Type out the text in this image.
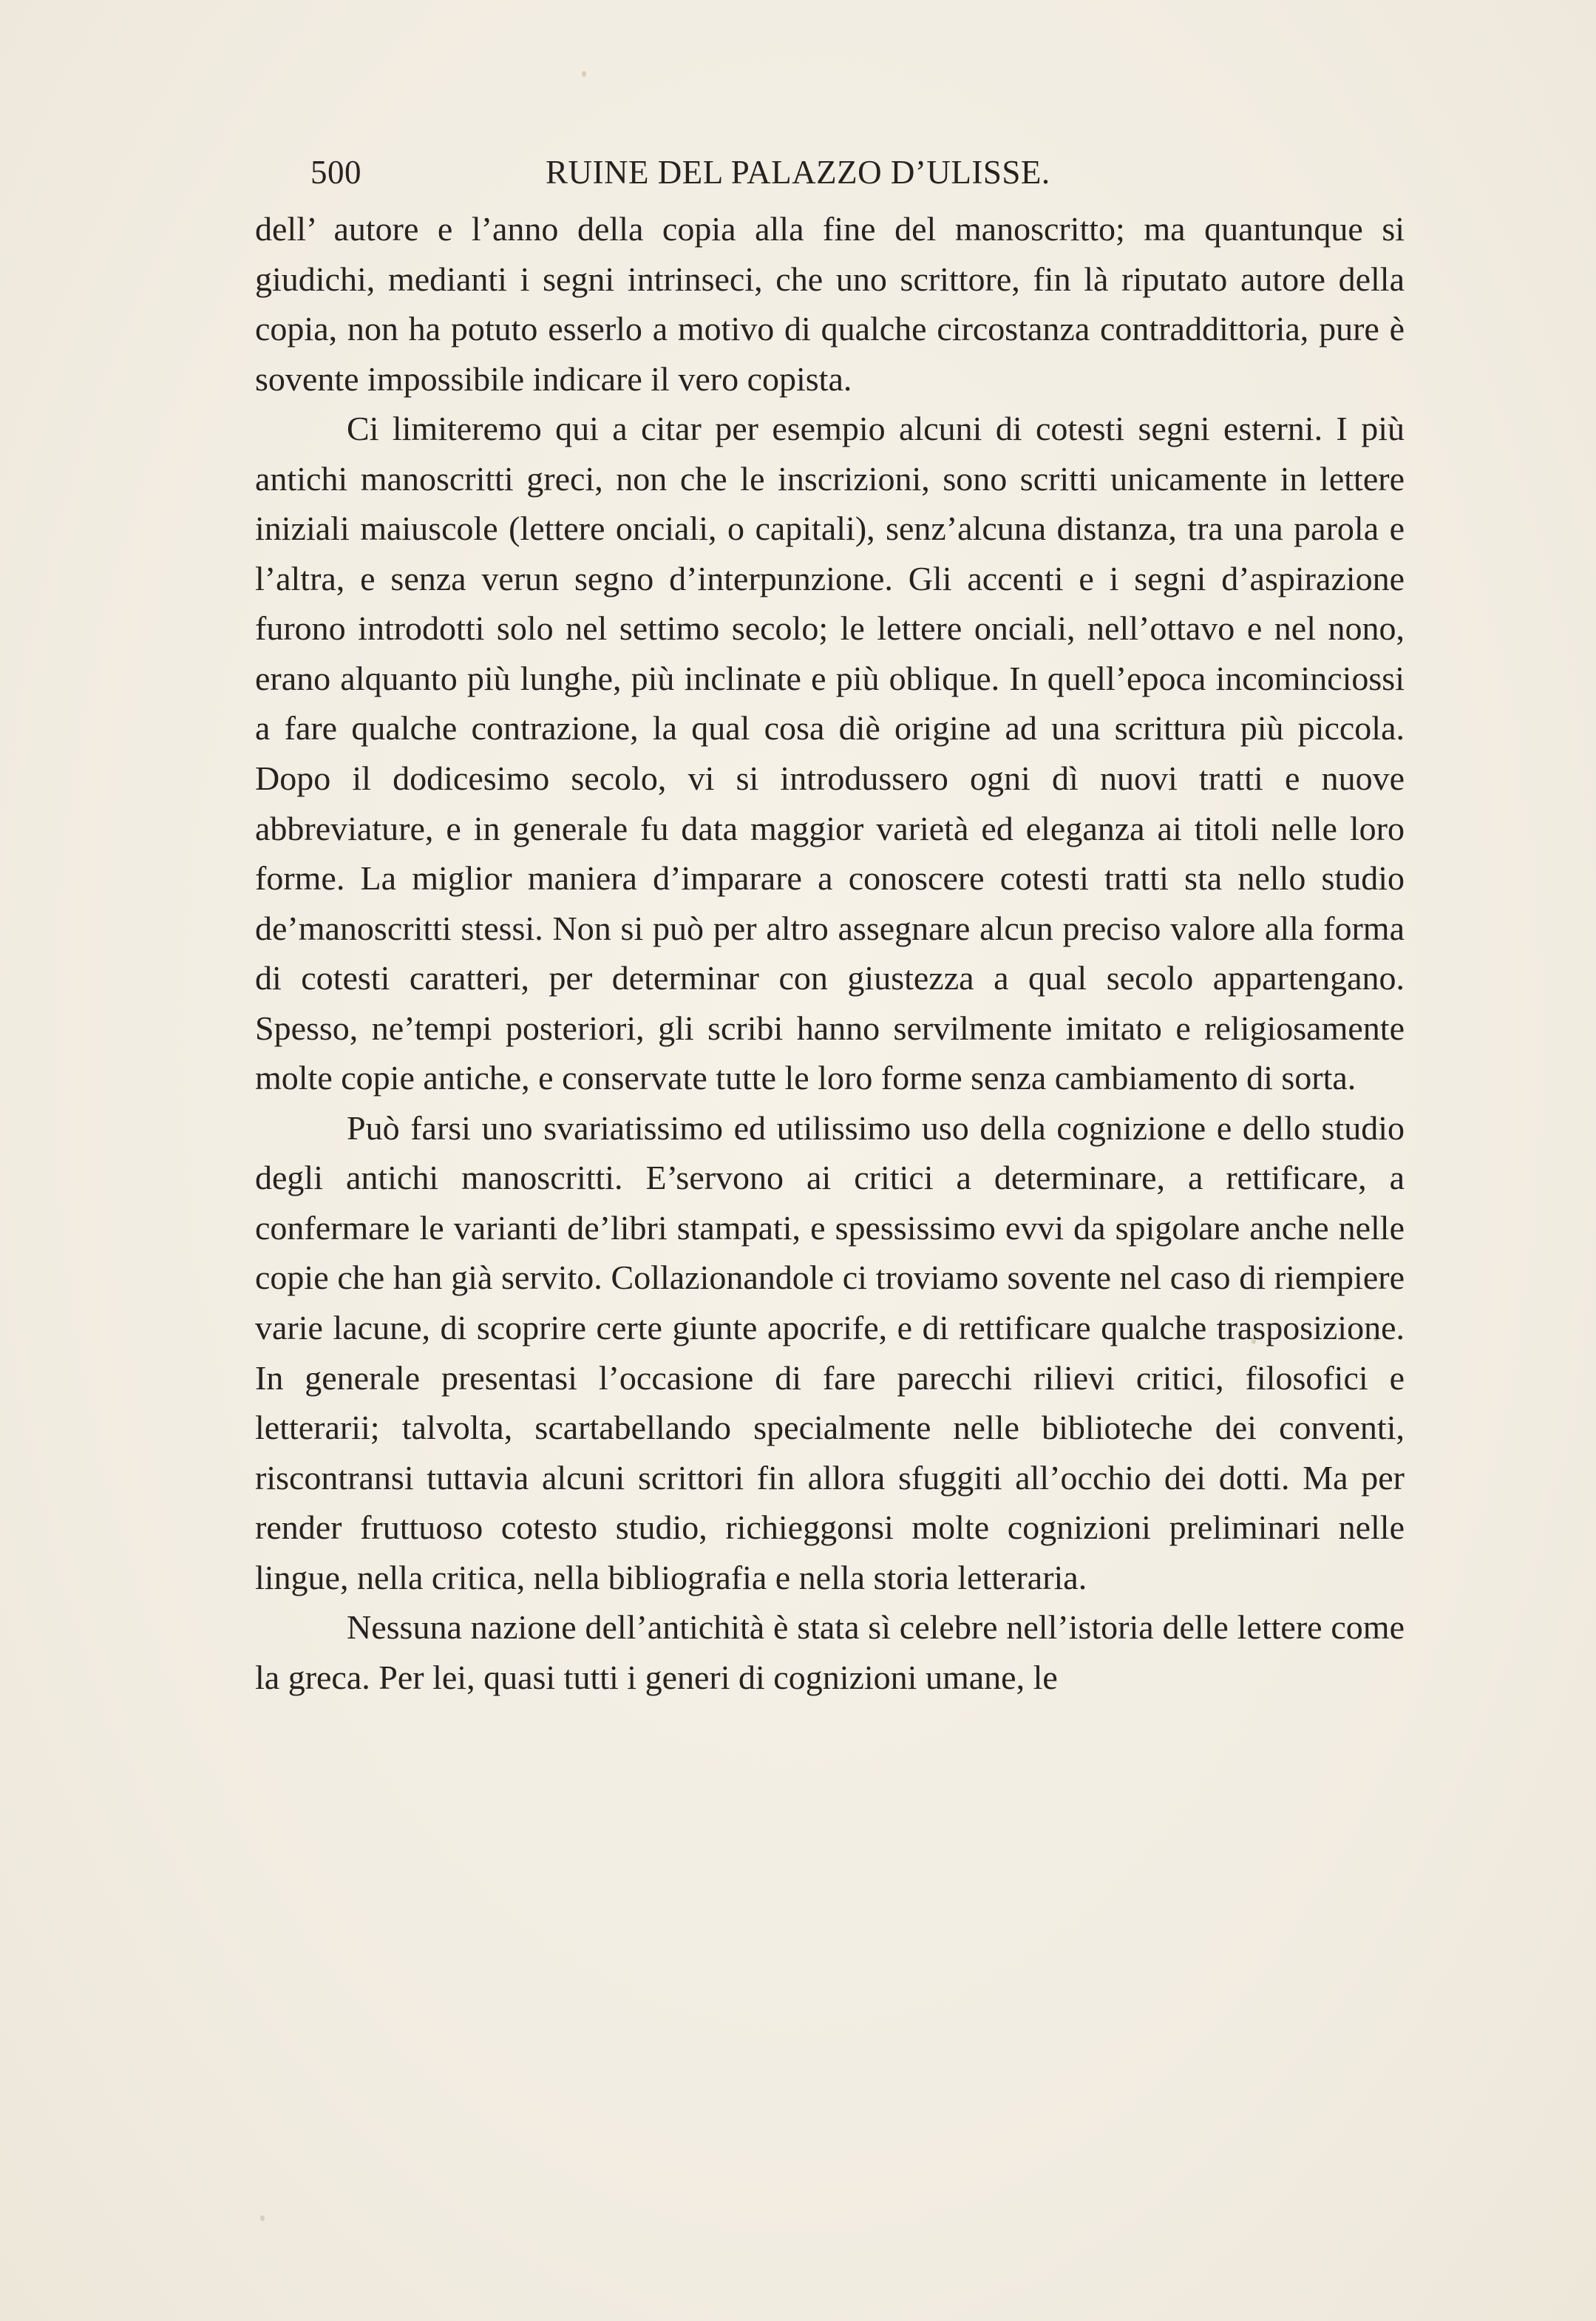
500	RUINE DEL PALAZZO D’ULISSE.

dell’ autore e l’anno della copia alla fine del manoscritto; ma quantunque si giudichi, medianti i segni intrinseci, che uno scrittore, fin là riputato autore della copia, non ha potuto esserlo a motivo di qualche circostanza contraddittoria, pure è sovente impossibile indicare il vero copista.

Ci limiteremo qui a citar per esempio alcuni di cotesti segni esterni. I più antichi manoscritti greci, non che le inscrizioni, sono scritti unicamente in lettere iniziali maiuscole (lettere onciali, o capitali), senz’alcuna distanza, tra una parola e l’altra, e senza verun segno d’interpunzione. Gli accenti e i segni d’aspirazione furono introdotti solo nel settimo secolo; le lettere onciali, nell’ottavo e nel nono, erano alquanto più lunghe, più inclinate e più oblique. In quell’epoca incominciossi a fare qualche contrazione, la qual cosa diè origine ad una scrittura più piccola. Dopo il dodicesimo secolo, vi si introdussero ogni dì nuovi tratti e nuove abbreviature, e in generale fu data maggior varietà ed eleganza ai titoli nelle loro forme. La miglior maniera d’imparare a conoscere cotesti tratti sta nello studio de’manoscritti stessi. Non si può per altro assegnare alcun preciso valore alla forma di cotesti caratteri, per determinar con giustezza a qual secolo appartengano. Spesso, ne’tempi posteriori, gli scribi hanno servilmente imitato e religiosamente molte copie antiche, e conservate tutte le loro forme senza cambiamento di sorta.

Può farsi uno svariatissimo ed utilissimo uso della cognizione e dello studio degli antichi manoscritti. E’servono ai critici a determinare, a rettificare, a confermare le varianti de’libri stampati, e spessissimo evvi da spigolare anche nelle copie che han già servito. Collazionandole ci troviamo sovente nel caso di riempiere varie lacune, di scoprire certe giunte apocrife, e di rettificare qualche trasposizione. In generale presentasi l’occasione di fare parecchi rilievi critici, filosofici e letterarii; talvolta, scartabellando specialmente nelle biblioteche dei conventi, riscontransi tuttavia alcuni scrittori fin allora sfuggiti all’occhio dei dotti. Ma per render fruttuoso cotesto studio, richieggonsi molte cognizioni preliminari nelle lingue, nella critica, nella bibliografia e nella storia letteraria.

Nessuna nazione dell’antichità è stata sì celebre nell’istoria delle lettere come la greca. Per lei, quasi tutti i generi di cognizioni umane, le
